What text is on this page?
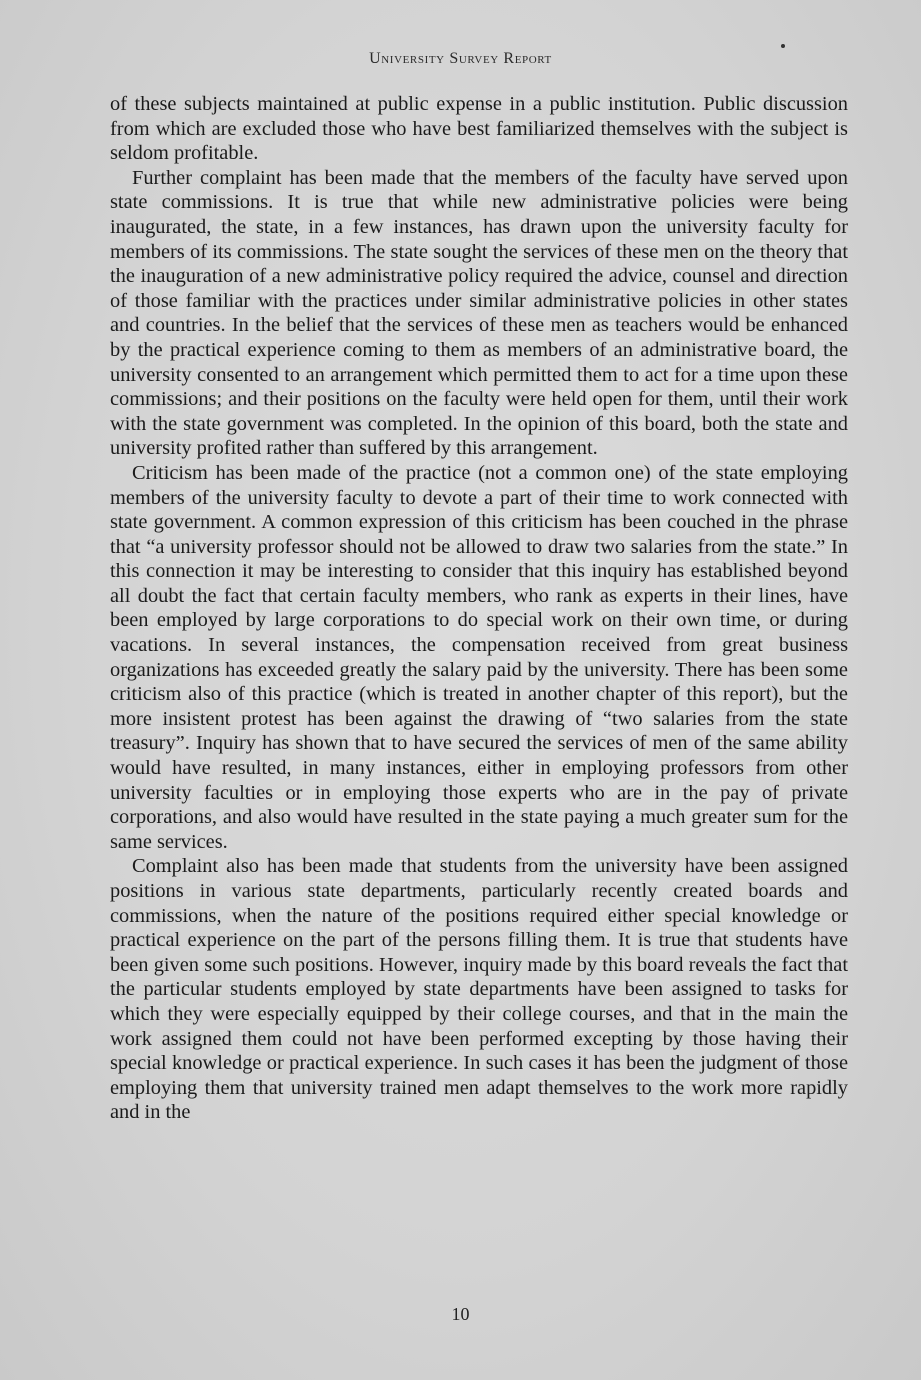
University Survey Report

of these subjects maintained at public expense in a public institution. Public discussion from which are excluded those who have best familiarized themselves with the subject is seldom profitable.

Further complaint has been made that the members of the faculty have served upon state commissions. It is true that while new administrative policies were being inaugurated, the state, in a few instances, has drawn upon the university faculty for members of its commissions. The state sought the services of these men on the theory that the inauguration of a new administrative policy required the advice, counsel and direction of those familiar with the practices under similar administrative policies in other states and countries. In the belief that the services of these men as teachers would be enhanced by the practical experience coming to them as members of an administrative board, the university consented to an arrangement which permitted them to act for a time upon these commissions; and their positions on the faculty were held open for them, until their work with the state government was completed. In the opinion of this board, both the state and university profited rather than suffered by this arrangement.

Criticism has been made of the practice (not a common one) of the state employing members of the university faculty to devote a part of their time to work connected with state government. A common expression of this criticism has been couched in the phrase that “a university professor should not be allowed to draw two salaries from the state.” In this connection it may be interesting to consider that this inquiry has established beyond all doubt the fact that certain faculty members, who rank as experts in their lines, have been employed by large corporations to do special work on their own time, or during vacations. In several instances, the compensation received from great business organizations has exceeded greatly the salary paid by the university. There has been some criticism also of this practice (which is treated in another chapter of this report), but the more insistent protest has been against the drawing of “two salaries from the state treasury”. Inquiry has shown that to have secured the services of men of the same ability would have resulted, in many instances, either in employing professors from other university faculties or in employing those experts who are in the pay of private corporations, and also would have resulted in the state paying a much greater sum for the same services.

Complaint also has been made that students from the university have been assigned positions in various state departments, particularly recently created boards and commissions, when the nature of the positions required either special knowledge or practical experience on the part of the persons filling them. It is true that students have been given some such positions. However, inquiry made by this board reveals the fact that the particular students employed by state departments have been assigned to tasks for which they were especially equipped by their college courses, and that in the main the work assigned them could not have been performed excepting by those having their special knowledge or practical experience. In such cases it has been the judgment of those employing them that university trained men adapt themselves to the work more rapidly and in the

10
